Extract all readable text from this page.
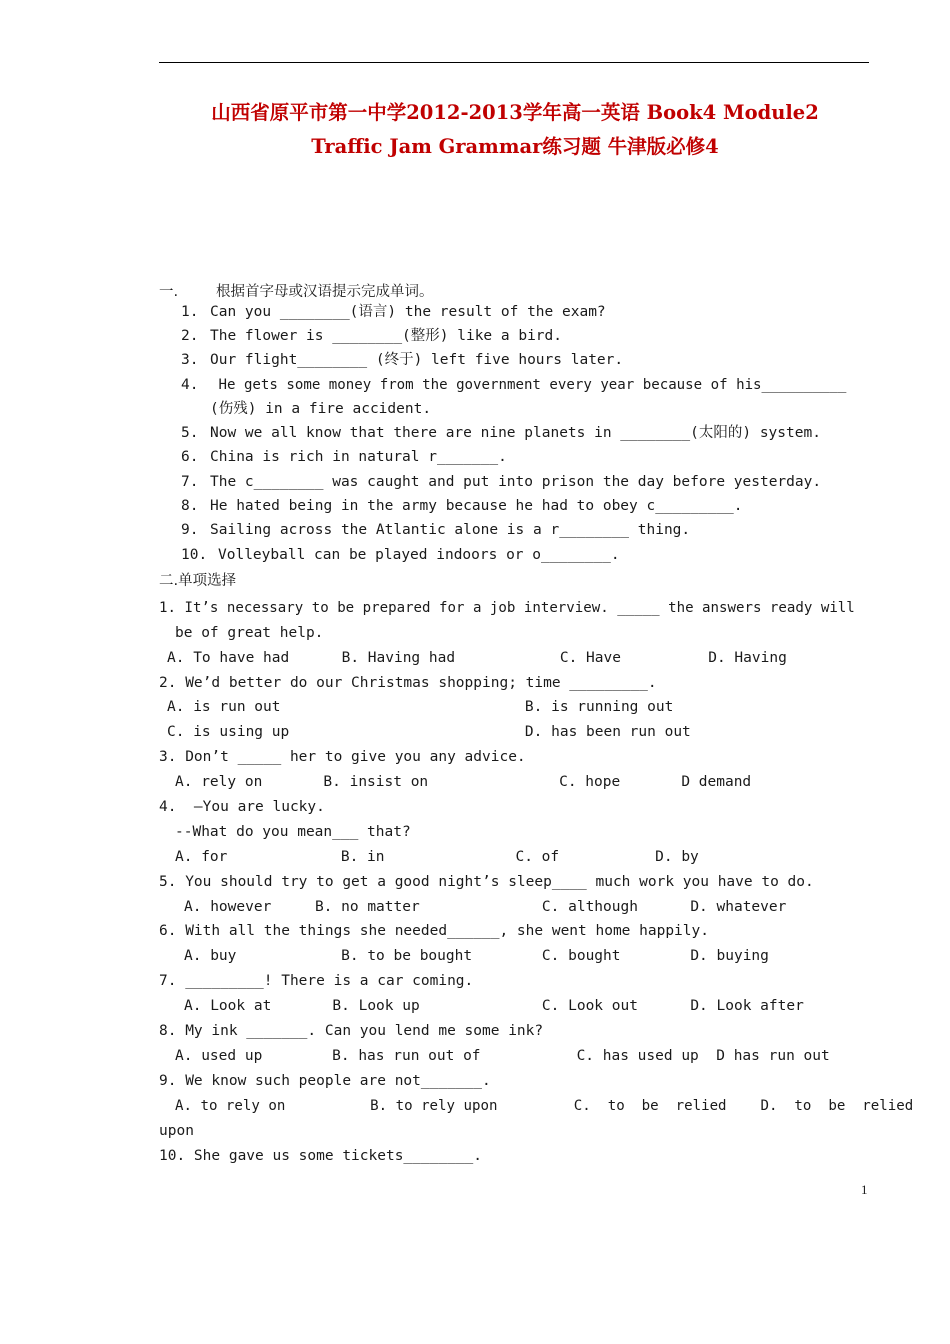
山西省原平市第一中学2012-2013学年高一英语 Book4 Module2
Traffic Jam Grammar练习题 牛津版必修4
一.	根据首字母或汉语提示完成单词。
1. Can you ________(语言) the result of the exam?
2. The flower is ________(整形) like a bird.
3. Our flight________ (终于) left five hours later.
4. He gets some money from the government every year because of his__________
(伤残) in a fire accident.
5. Now we all know that there are nine planets in ________(太阳的) system.
6. China is rich in natural r_______.
7. The c________ was caught and put into prison the day before yesterday.
8. He hated being in the army because he had to obey c_________.
9. Sailing across the Atlantic alone is a r________ thing.
10. Volleyball can be played indoors or o________.
二.单项选择
1. It’s necessary to be prepared for a job interview. _____ the answers ready will
be of great help.
A. To have had      B. Having had            C. Have          D. Having
2. We’d better do our Christmas shopping; time _________.
A. is run out                            B. is running out
C. is using up                           D. has been run out
3. Don’t _____ her to give you any advice.
A. rely on       B. insist on               C. hope       D demand
4.  –You are lucky.
--What do you mean___ that?
A. for             B. in               C. of           D. by
5. You should try to get a good night’s sleep____ much work you have to do.
A. however     B. no matter              C. although      D. whatever
6. With all the things she needed______, she went home happily.
A. buy            B. to be bought        C. bought        D. buying
7. _________! There is a car coming.
A. Look at       B. Look up              C. Look out      D. Look after
8. My ink _______. Can you lend me some ink?
A. used up        B. has run out of           C. has used up  D has run out
9. We know such people are not_______.
A. to rely on          B. to rely upon         C.  to  be  relied    D.  to  be  relied
upon
10. She gave us some tickets________.
1
